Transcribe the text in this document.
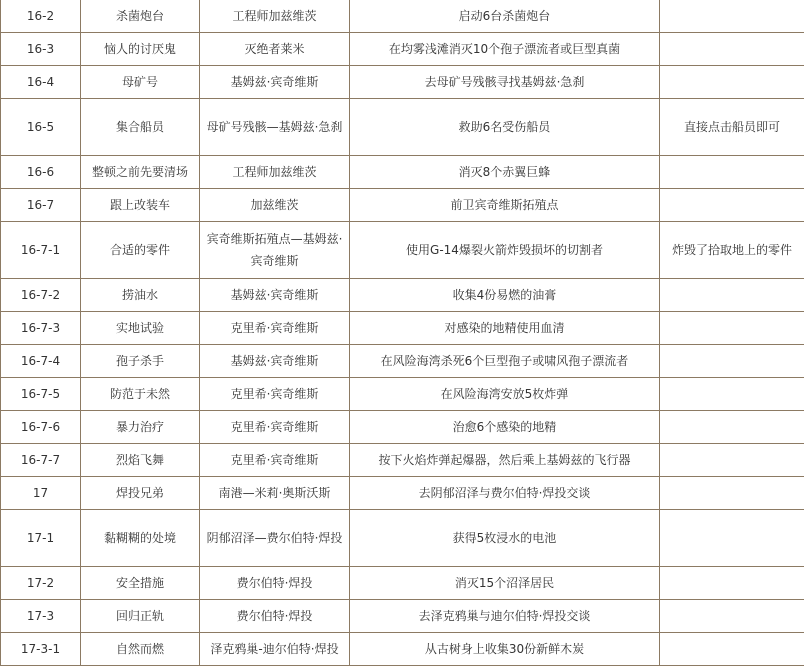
16-2	杀菌炮台	工程师加兹维茨	启动6台杀菌炮台	
16-3	恼人的讨厌鬼	灭绝者莱米	在均雾浅滩消灭10个孢子漂流者或巨型真菌	
16-4	母矿号	基姆兹·宾奇维斯	去母矿号残骸寻找基姆兹·急刹	
16-5	集合船员	母矿号残骸—基姆兹·急刹	救助6名受伤船员	直接点击船员即可
16-6	整顿之前先要清场	工程师加兹维茨	消灭8个赤翼巨蜂	
16-7	跟上改装车	加兹维茨	前卫宾奇维斯拓殖点	
16-7-1	合适的零件	宾奇维斯拓殖点—基姆兹·宾奇维斯	使用G-14爆裂火箭炸毁损坏的切割者	炸毁了拾取地上的零件
16-7-2	捞油水	基姆兹·宾奇维斯	收集4份易燃的油膏	
16-7-3	实地试验	克里希·宾奇维斯	对感染的地精使用血清	
16-7-4	孢子杀手	基姆兹·宾奇维斯	在风险海湾杀死6个巨型孢子或啸风孢子漂流者	
16-7-5	防范于未然	克里希·宾奇维斯	在风险海湾安放5枚炸弹	
16-7-6	暴力治疗	克里希·宾奇维斯	治愈6个感染的地精	
16-7-7	烈焰飞舞	克里希·宾奇维斯	按下火焰炸弹起爆器，然后乘上基姆兹的飞行器	
17	焊投兄弟	南港—米莉·奥斯沃斯	去阴郁沼泽与费尔伯特·焊投交谈	
17-1	黏糊糊的处境	阴郁沼泽—费尔伯特·焊投	获得5枚浸水的电池	
17-2	安全措施	费尔伯特·焊投	消灭15个沼泽居民	
17-3	回归正轨	费尔伯特·焊投	去泽克鸦巢与迪尔伯特·焊投交谈	
17-3-1	自然而燃	泽克鸦巢-迪尔伯特·焊投	从古树身上收集30份新鲜木炭	
